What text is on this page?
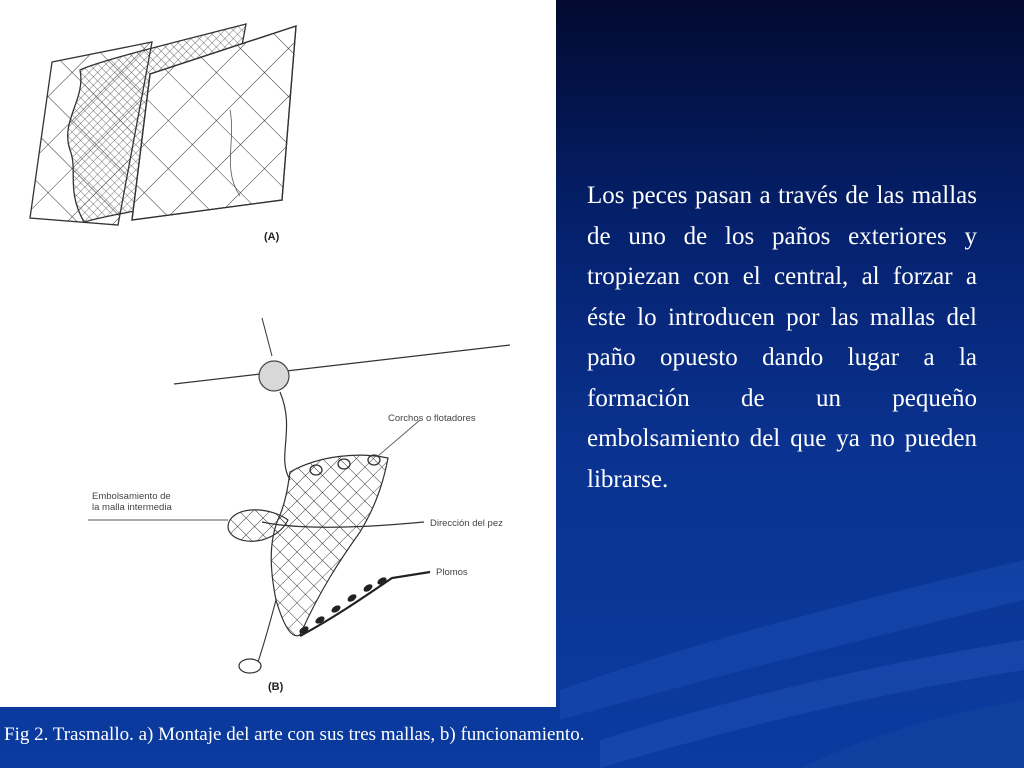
(A)
(B)
Corchos o flotadores
Embolsamiento de
la malla intermedia
Dirección del pez
Plomos

Los peces pasan a través de las mallas de uno de los paños exteriores y tropiezan con el central, al forzar a éste lo introducen por las mallas del paño opuesto dando lugar a la formación de un pequeño embolsamiento del que ya no pueden librarse.

Fig 2. Trasmallo. a) Montaje del arte con sus tres mallas, b) funcionamiento.
